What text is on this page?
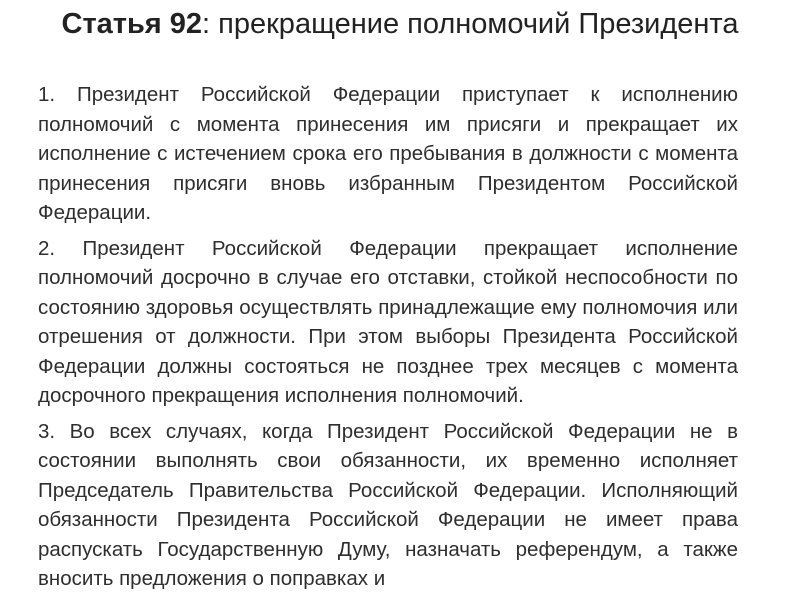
Статья 92: прекращение полномочий Президента

1. Президент Российской Федерации приступает к исполнению полномочий с момента принесения им присяги и прекращает их исполнение с истечением срока его пребывания в должности с момента принесения присяги вновь избранным Президентом Российской Федерации.

2. Президент Российской Федерации прекращает исполнение полномочий досрочно в случае его отставки, стойкой неспособности по состоянию здоровья осуществлять принадлежащие ему полномочия или отрешения от должности. При этом выборы Президента Российской Федерации должны состояться не позднее трех месяцев с момента досрочного прекращения исполнения полномочий.

3. Во всех случаях, когда Президент Российской Федерации не в состоянии выполнять свои обязанности, их временно исполняет Председатель Правительства Российской Федерации. Исполняющий обязанности Президента Российской Федерации не имеет права распускать Государственную Думу, назначать референдум, а также вносить предложения о поправках и
